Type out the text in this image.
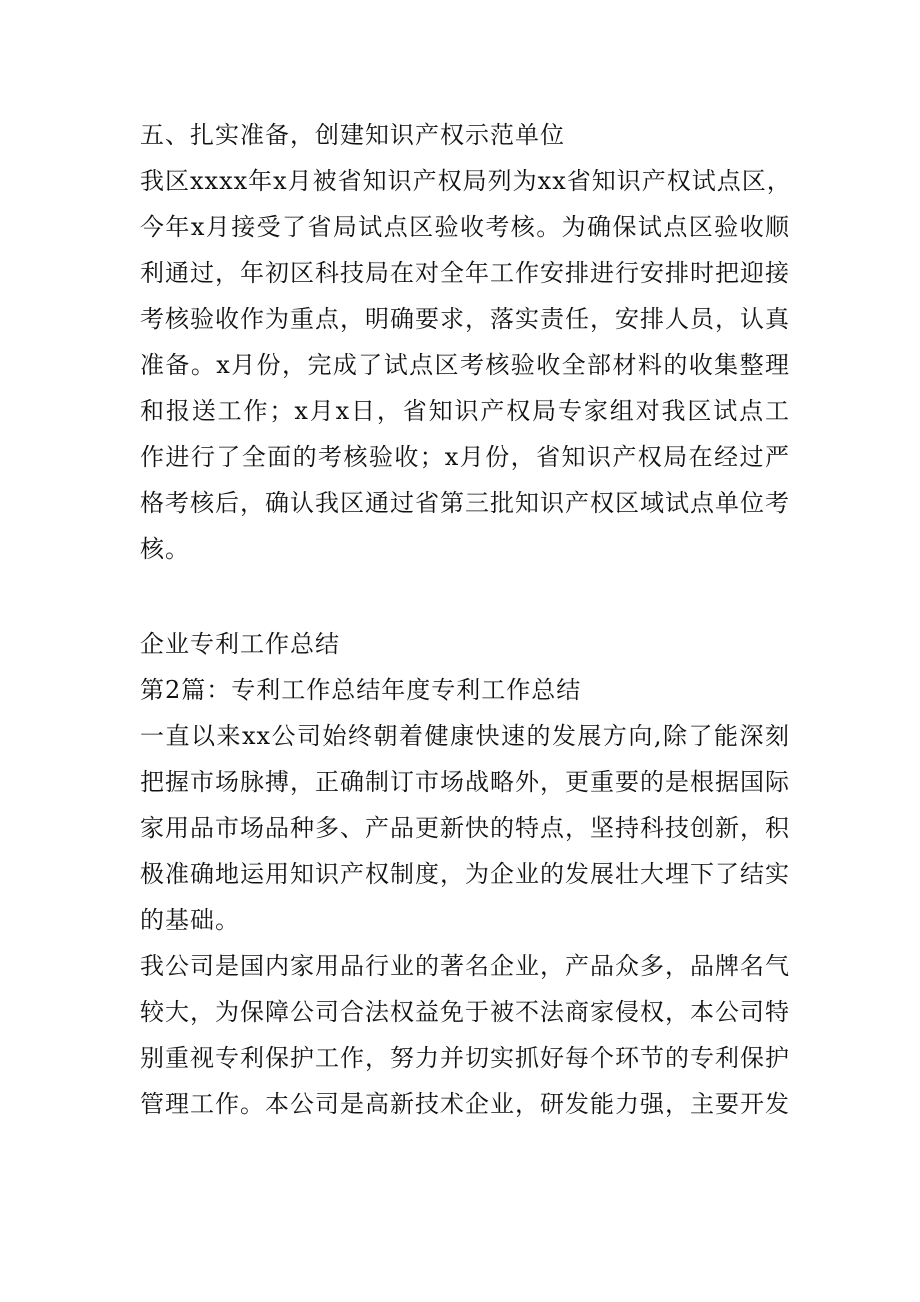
五、扎实准备，创建知识产权示范单位
我区xxxx年x月被省知识产权局列为xx省知识产权试点区，
今年x月接受了省局试点区验收考核。为确保试点区验收顺
利通过，年初区科技局在对全年工作安排进行安排时把迎接
考核验收作为重点，明确要求，落实责任，安排人员，认真
准备。x月份，完成了试点区考核验收全部材料的收集整理
和报送工作；x月x日，省知识产权局专家组对我区试点工
作进行了全面的考核验收；x月份，省知识产权局在经过严
格考核后，确认我区通过省第三批知识产权区域试点单位考
核。
企业专利工作总结
第2篇：专利工作总结年度专利工作总结
一直以来xx公司始终朝着健康快速的发展方向,除了能深刻
把握市场脉搏，正确制订市场战略外，更重要的是根据国际
家用品市场品种多、产品更新快的特点，坚持科技创新，积
极准确地运用知识产权制度，为企业的发展壮大埋下了结实
的基础。
我公司是国内家用品行业的著名企业，产品众多，品牌名气
较大，为保障公司合法权益免于被不法商家侵权，本公司特
别重视专利保护工作，努力并切实抓好每个环节的专利保护
管理工作。本公司是高新技术企业，研发能力强，主要开发
